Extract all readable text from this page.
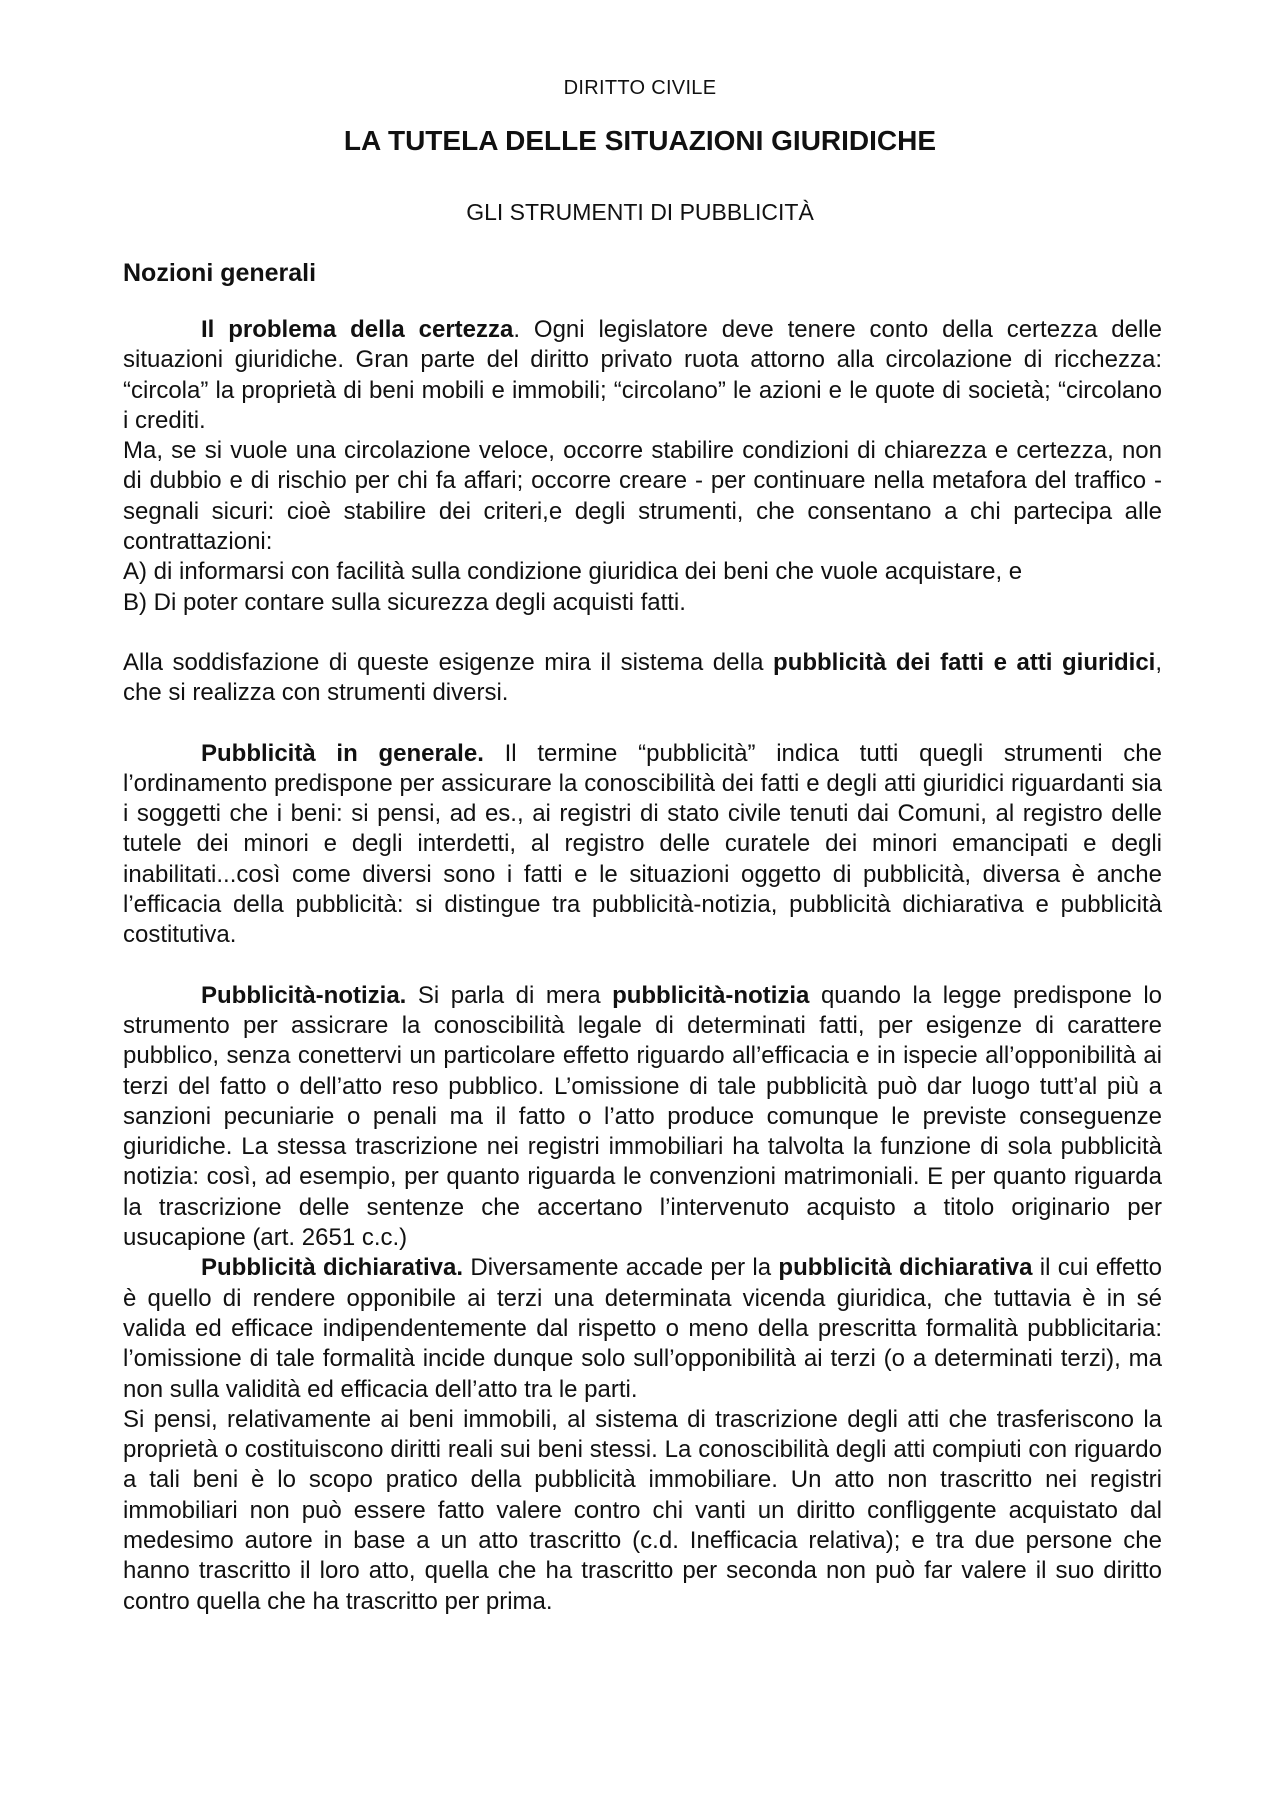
DIRITTO CIVILE
LA TUTELA DELLE SITUAZIONI GIURIDICHE
GLI STRUMENTI DI PUBBLICITÀ
Nozioni generali

Il problema della certezza. Ogni legislatore deve tenere conto della certezza delle situazioni giuridiche. Gran parte del diritto privato ruota attorno alla circolazione di ricchezza: “circola” la proprietà di beni mobili e immobili; “circolano” le azioni e le quote di società; “circolano i crediti.

Ma, se si vuole una circolazione veloce, occorre stabilire condizioni di chiarezza e certezza, non di dubbio e di rischio per chi fa affari; occorre creare - per continuare nella metafora del traffico - segnali sicuri: cioè stabilire dei criteri,e degli strumenti, che consentano a chi partecipa alle contrattazioni:

A) di informarsi con facilità sulla condizione giuridica dei beni che vuole acquistare, e

B) Di poter contare sulla sicurezza degli acquisti fatti.

Alla soddisfazione di queste esigenze mira il sistema della pubblicità dei fatti e atti giuridici, che si realizza con strumenti diversi.

Pubblicità in generale. Il termine “pubblicità” indica tutti quegli strumenti che l’ordinamento predispone per assicurare la conoscibilità dei fatti e degli atti giuridici riguardanti sia i soggetti che i beni: si pensi, ad es., ai registri di stato civile tenuti dai Comuni, al registro delle tutele dei minori e degli interdetti, al registro delle curatele dei minori emancipati e degli inabilitati...così come diversi sono i fatti e le situazioni oggetto di pubblicità, diversa è anche l’efficacia della pubblicità: si distingue tra pubblicità-notizia, pubblicità dichiarativa e pubblicità costitutiva.

Pubblicità-notizia. Si parla di mera pubblicità-notizia quando la legge predispone lo strumento per assicrare la conoscibilità legale di determinati fatti, per esigenze di carattere pubblico, senza conettervi un particolare effetto riguardo all’efficacia e in ispecie all’opponibilità ai terzi del fatto o dell’atto reso pubblico. L’omissione di tale pubblicità può dar luogo tutt’al più a sanzioni pecuniarie o penali ma il fatto o l’atto produce comunque le previste conseguenze giuridiche. La stessa trascrizione nei registri immobiliari ha talvolta la funzione di sola pubblicità notizia: così, ad esempio, per quanto riguarda le convenzioni matrimoniali. E per quanto riguarda la trascrizione delle sentenze che accertano l’intervenuto acquisto a titolo originario per usucapione (art. 2651 c.c.)

Pubblicità dichiarativa. Diversamente accade per la pubblicità dichiarativa il cui effetto è quello di rendere opponibile ai terzi una determinata vicenda giuridica, che tuttavia è in sé valida ed efficace indipendentemente dal rispetto o meno della prescritta formalità pubblicitaria: l’omissione di tale formalità incide dunque solo sull’opponibilità ai terzi (o a determinati terzi), ma non sulla validità ed efficacia dell’atto tra le parti.

Si pensi, relativamente ai beni immobili, al sistema di trascrizione degli atti che trasferiscono la proprietà o costituiscono diritti reali sui beni stessi. La conoscibilità degli atti compiuti con riguardo a tali beni è lo scopo pratico della pubblicità immobiliare. Un atto non trascritto nei registri immobiliari non può essere fatto valere contro chi vanti un diritto confliggente acquistato dal medesimo autore in base a un atto trascritto (c.d. Inefficacia relativa); e tra due persone che hanno trascritto il loro atto, quella che ha trascritto per seconda non può far valere il suo diritto contro quella che ha trascritto per prima.
